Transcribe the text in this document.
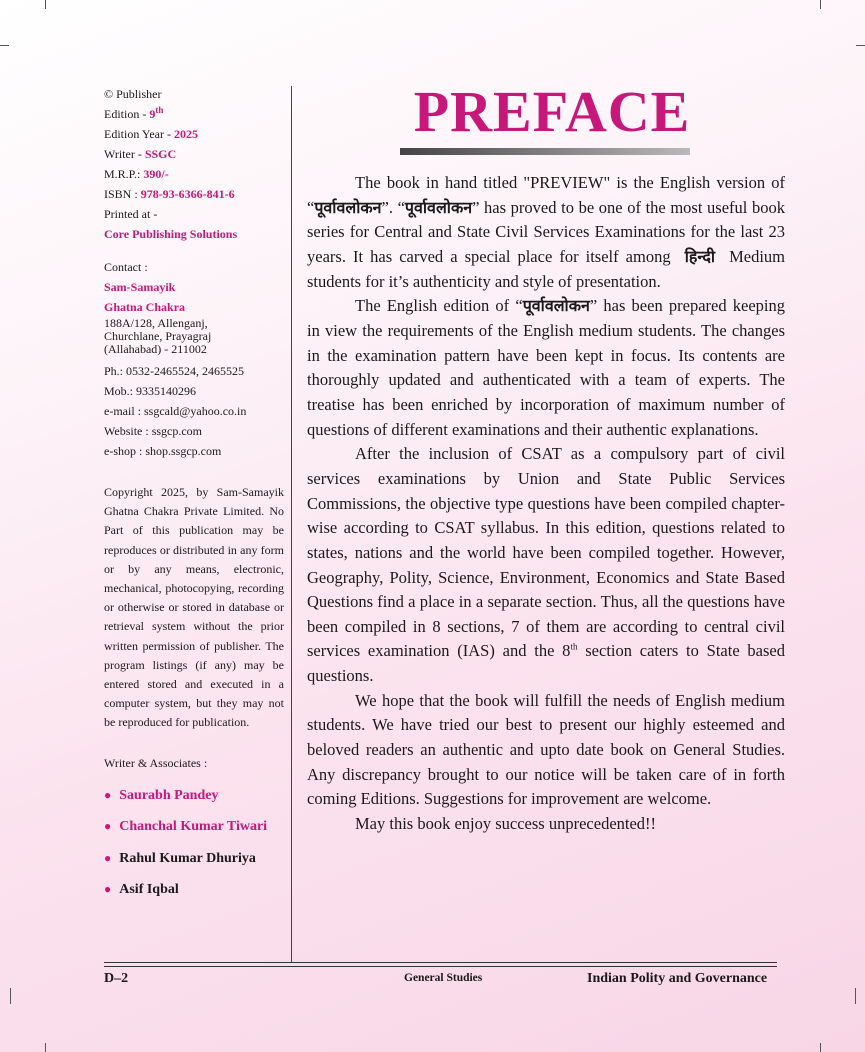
© Publisher
Edition - 9th
Edition Year - 2025
Writer - SSGC
M.R.P.: 390/-
ISBN : 978-93-6366-841-6
Printed at -
Core Publishing Solutions
Contact :
Sam-Samayik
Ghatna Chakra
188A/128, Allenganj,
Churchlane, Prayagraj
(Allahabad) - 211002
Ph.: 0532-2465524, 2465525
Mob.: 9335140296
e-mail : ssgcald@yahoo.co.in
Website : ssgcp.com
e-shop : shop.ssgcp.com
Copyright 2025, by Sam-Samayik Ghatna Chakra Private Limited. No Part of this publication may be reproduces or distributed in any form or by any means, electronic, mechanical, photocopying, recording or otherwise or stored in database or retrieval system without the prior written permission of publisher. The program listings (if any) may be entered stored and executed in a computer system, but they may not be reproduced for publication.
Writer & Associates :
● Saurabh Pandey
● Chanchal Kumar Tiwari
● Rahul Kumar Dhuriya
● Asif Iqbal
PREFACE

The book in hand titled "PREVIEW" is the English version of “पूर्वावलोकन”. “पूर्वावलोकन” has proved to be one of the most useful book series for Central and State Civil Services Examinations for the last 23 years. It has carved a special place for itself among हिन्दी Medium students for it’s authenticity and style of presentation.

The English edition of “पूर्वावलोकन” has been prepared keeping in view the requirements of the English medium students. The changes in the examination pattern have been kept in focus. Its contents are thoroughly updated and authenticated with a team of experts. The treatise has been enriched by incorporation of maximum number of questions of different examinations and their authentic explanations.

After the inclusion of CSAT as a compulsory part of civil services examinations by Union and State Public Services Commissions, the objective type questions have been compiled chapter-wise according to CSAT syllabus. In this edition, questions related to states, nations and the world have been compiled together. However, Geography, Polity, Science, Environment, Economics and State Based Questions find a place in a separate section. Thus, all the questions have been compiled in 8 sections, 7 of them are according to central civil services examination (IAS) and the 8th section caters to State based questions.

We hope that the book will fulfill the needs of English medium students. We have tried our best to present our highly esteemed and beloved readers an authentic and upto date book on General Studies. Any discrepancy brought to our notice will be taken care of in forth coming Editions. Suggestions for improvement are welcome.

May this book enjoy success unprecedented!!

D–2	General Studies	Indian Polity and Governance
